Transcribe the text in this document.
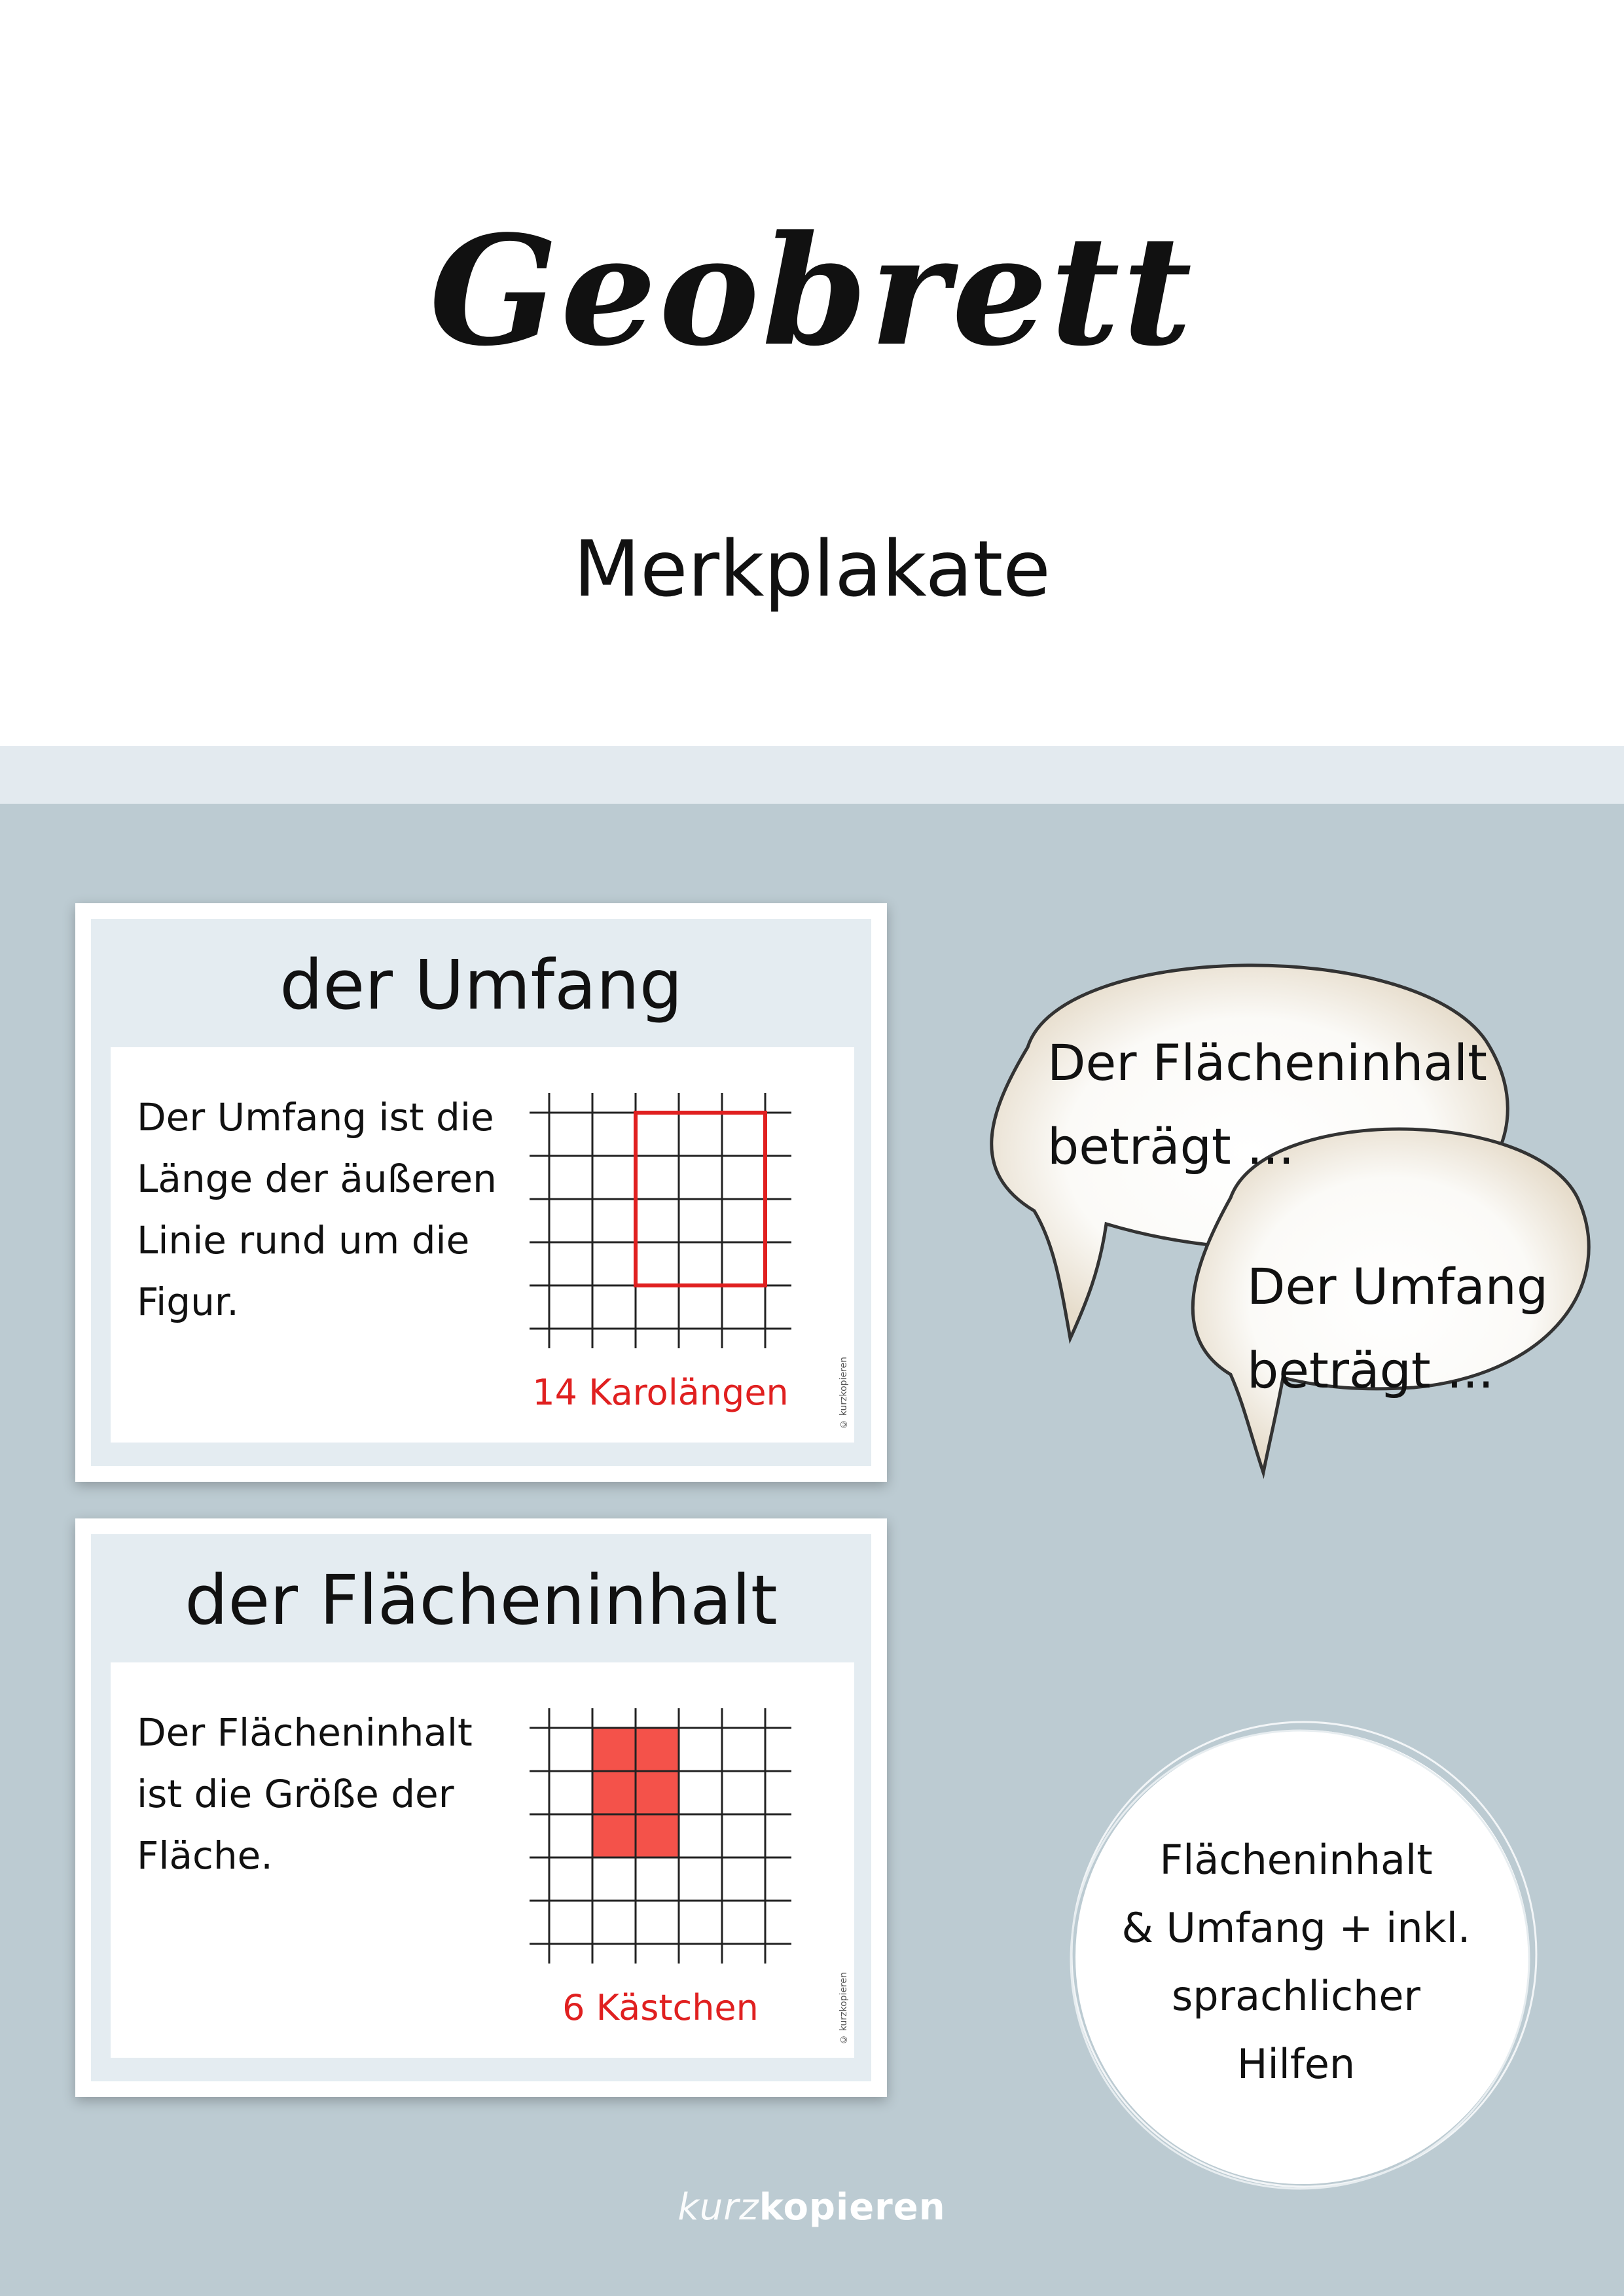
Geobrett
Merkplakate
der Umfang
Der Umfang ist die
Länge der äußeren
Linie rund um die
Figur.
14 Karolängen	© kurzkopieren
der Flächeninhalt
Der Flächeninhalt
ist die Größe der
Fläche.
6 Kästchen	© kurzkopieren
Der Flächeninhalt
beträgt ...
Der Umfang
beträgt ...
Flächeninhalt
& Umfang + inkl.
sprachlicher
Hilfen
kurzkopieren
